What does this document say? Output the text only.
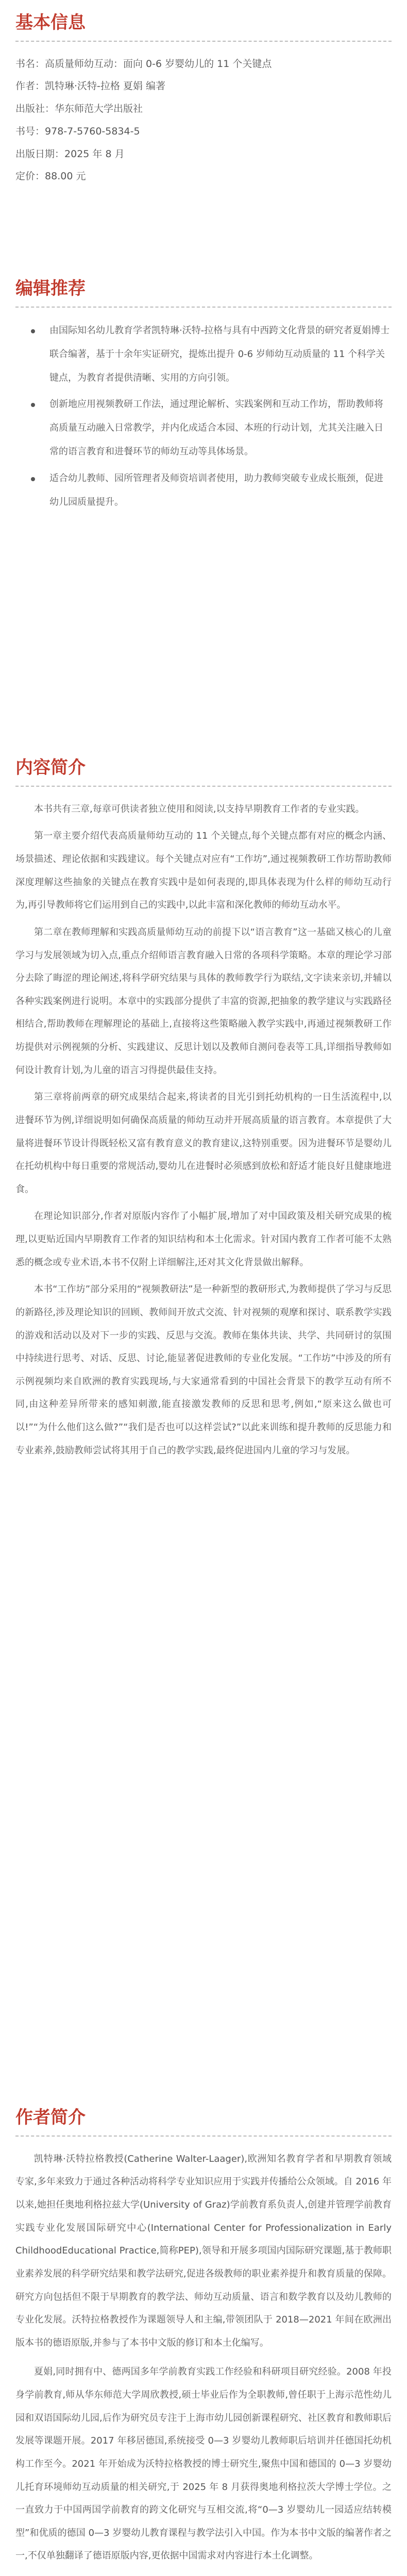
基本信息
书名：高质量师幼互动：面向 0-6 岁婴幼儿的 11 个关键点
作者：凯特琳·沃特-拉格 夏娟 编著
出版社：华东师范大学出版社
书号：978-7-5760-5834-5
出版日期：2025 年 8 月
定价：88.00 元
编辑推荐
由国际知名幼儿教育学者凯特琳·沃特-拉格与具有中西跨文化背景的研究者夏娟博士联合编著，基于十余年实证研究，提炼出提升 0-6 岁师幼互动质量的 11 个科学关键点，为教育者提供清晰、实用的方向引领。
创新地应用视频教研工作法，通过理论解析、实践案例和互动工作坊，帮助教师将高质量互动融入日常教学，并内化成适合本园、本班的行动计划，尤其关注融入日常的语言教育和进餐环节的师幼互动等具体场景。
适合幼儿教师、园所管理者及师资培训者使用，助力教师突破专业成长瓶颈，促进幼儿园质量提升。
内容简介

本书共有三章,每章可供读者独立使用和阅读,以支持早期教育工作者的专业实践。

第一章主要介绍代表高质量师幼互动的 11 个关键点,每个关键点都有对应的概念内涵、场景描述、理论依据和实践建议。每个关键点对应有“工作坊”,通过视频教研工作坊帮助教师深度理解这些抽象的关键点在教育实践中是如何表现的,即具体表现为什么样的师幼互动行为,再引导教师将它们运用到自己的实践中,以此丰富和深化教师的师幼互动水平。

第二章在教师理解和实践高质量师幼互动的前提下以“语言教育”这一基础又核心的儿童学习与发展领域为切入点,重点介绍师语言教育融入日常的各项科学策略。本章的理论学习部分去除了晦涩的理论阐述,将科学研究结果与具体的教师教学行为联结,文字读来亲切,并辅以各种实践案例进行说明。本章中的实践部分提供了丰富的资源,把抽象的教学建议与实践路径相结合,帮助教师在理解理论的基础上,直接将这些策略融入教学实践中,再通过视频教研工作坊提供对示例视频的分析、实践建议、反思计划以及教师自测问卷表等工具,详细指导教师如何设计教育计划,为儿童的语言习得提供最佳支持。

第三章将前两章的研究成果结合起来,将读者的目光引到托幼机构的一日生活流程中,以进餐环节为例,详细说明如何确保高质量的师幼互动并开展高质量的语言教育。本章提供了大量将进餐环节设计得既轻松又富有教育意义的教育建议,这特别重要。因为进餐环节是婴幼儿在托幼机构中每日重要的常规活动,婴幼儿在进餐时必须感到放松和舒适才能良好且健康地进食。

在理论知识部分,作者对原版内容作了小幅扩展,增加了对中国政策及相关研究成果的梳理,以更贴近国内早期教育工作者的知识结构和本土化需求。针对国内教育工作者可能不太熟悉的概念或专业术语,本书不仅附上详细解注,还对其文化背景做出解释。

本书“工作坊”部分采用的“视频教研法”是一种新型的教研形式,为教师提供了学习与反思的新路径,涉及理论知识的回顾、教师间开放式交流、针对视频的观摩和探讨、联系教学实践的游戏和活动以及对下一步的实践、反思与交流。教师在集体共读、共学、共同研讨的氛围中持续进行思考、对话、反思、讨论,能显著促进教师的专业化发展。“工作坊”中涉及的所有示例视频均来自欧洲的教育实践现场,与大家通常看到的中国社会背景下的教学互动有所不同,由这种差异所带来的感知刺激,能直接激发教师的反思和思考,例如,“原来这么做也可以!”“为什么他们这么做?”“我们是否也可以这样尝试?”以此来训练和提升教师的反思能力和专业素养,鼓励教师尝试将其用于自己的教学实践,最终促进国内儿童的学习与发展。

作者简介

凯特琳·沃特拉格教授(Catherine Walter-Laager),欧洲知名教育学者和早期教育领域专家,多年来致力于通过各种活动将科学专业知识应用于实践并传播给公众领域。自 2016 年以来,她担任奥地利格拉兹大学(University of Graz)学前教育系负责人,创建并管理学前教育实践专业化发展国际研究中心(International Center for Professionalization in Early ChildhoodEducational Practice,简称PEP),领导和开展多项国内国际研究课题,基于教师职业素养发展的科学研究结果和教学法研究,促进各级教师的职业素养提升和教育质量的保障。研究方向包括但不限于早期教育的教学法、师幼互动质量、语言和数学教育以及幼儿教师的专业化发展。沃特拉格教授作为课题领导人和主编,带领团队于 2018—2021 年间在欧洲出版本书的德语原版,并参与了本书中文版的修订和本土化编写。

夏娟,同时拥有中、德两国多年学前教育实践工作经验和科研项目研究经验。2008 年投身学前教育,师从华东师范大学周欣教授,硕士毕业后作为全职教师,曾任职于上海示范性幼儿园和双语国际幼儿园,后作为研究员专注于上海市幼儿园创新课程研究、社区教育和教师职后发展等课题开展。2017 年移居德国,系统接受 0—3 岁婴幼儿教师职后培训并任德国托幼机构工作至今。2021 年开始成为沃特拉格教授的博士研究生,聚焦中国和德国的 0—3 岁婴幼儿托育环境师幼互动质量的相关研究,于 2025 年 8 月获得奥地利格拉茨大学博士学位。之一直致力于中国两国学前教育的跨文化研究与互相交流,将“0—3 岁婴幼儿一园适应结转模型”和优质的德国 0—3 岁婴幼儿教育课程与教学法引入中国。作为本书中文版的编著作者之一,不仅单独翻译了德语原版内容,更依据中国需求对内容进行本土化调整。
